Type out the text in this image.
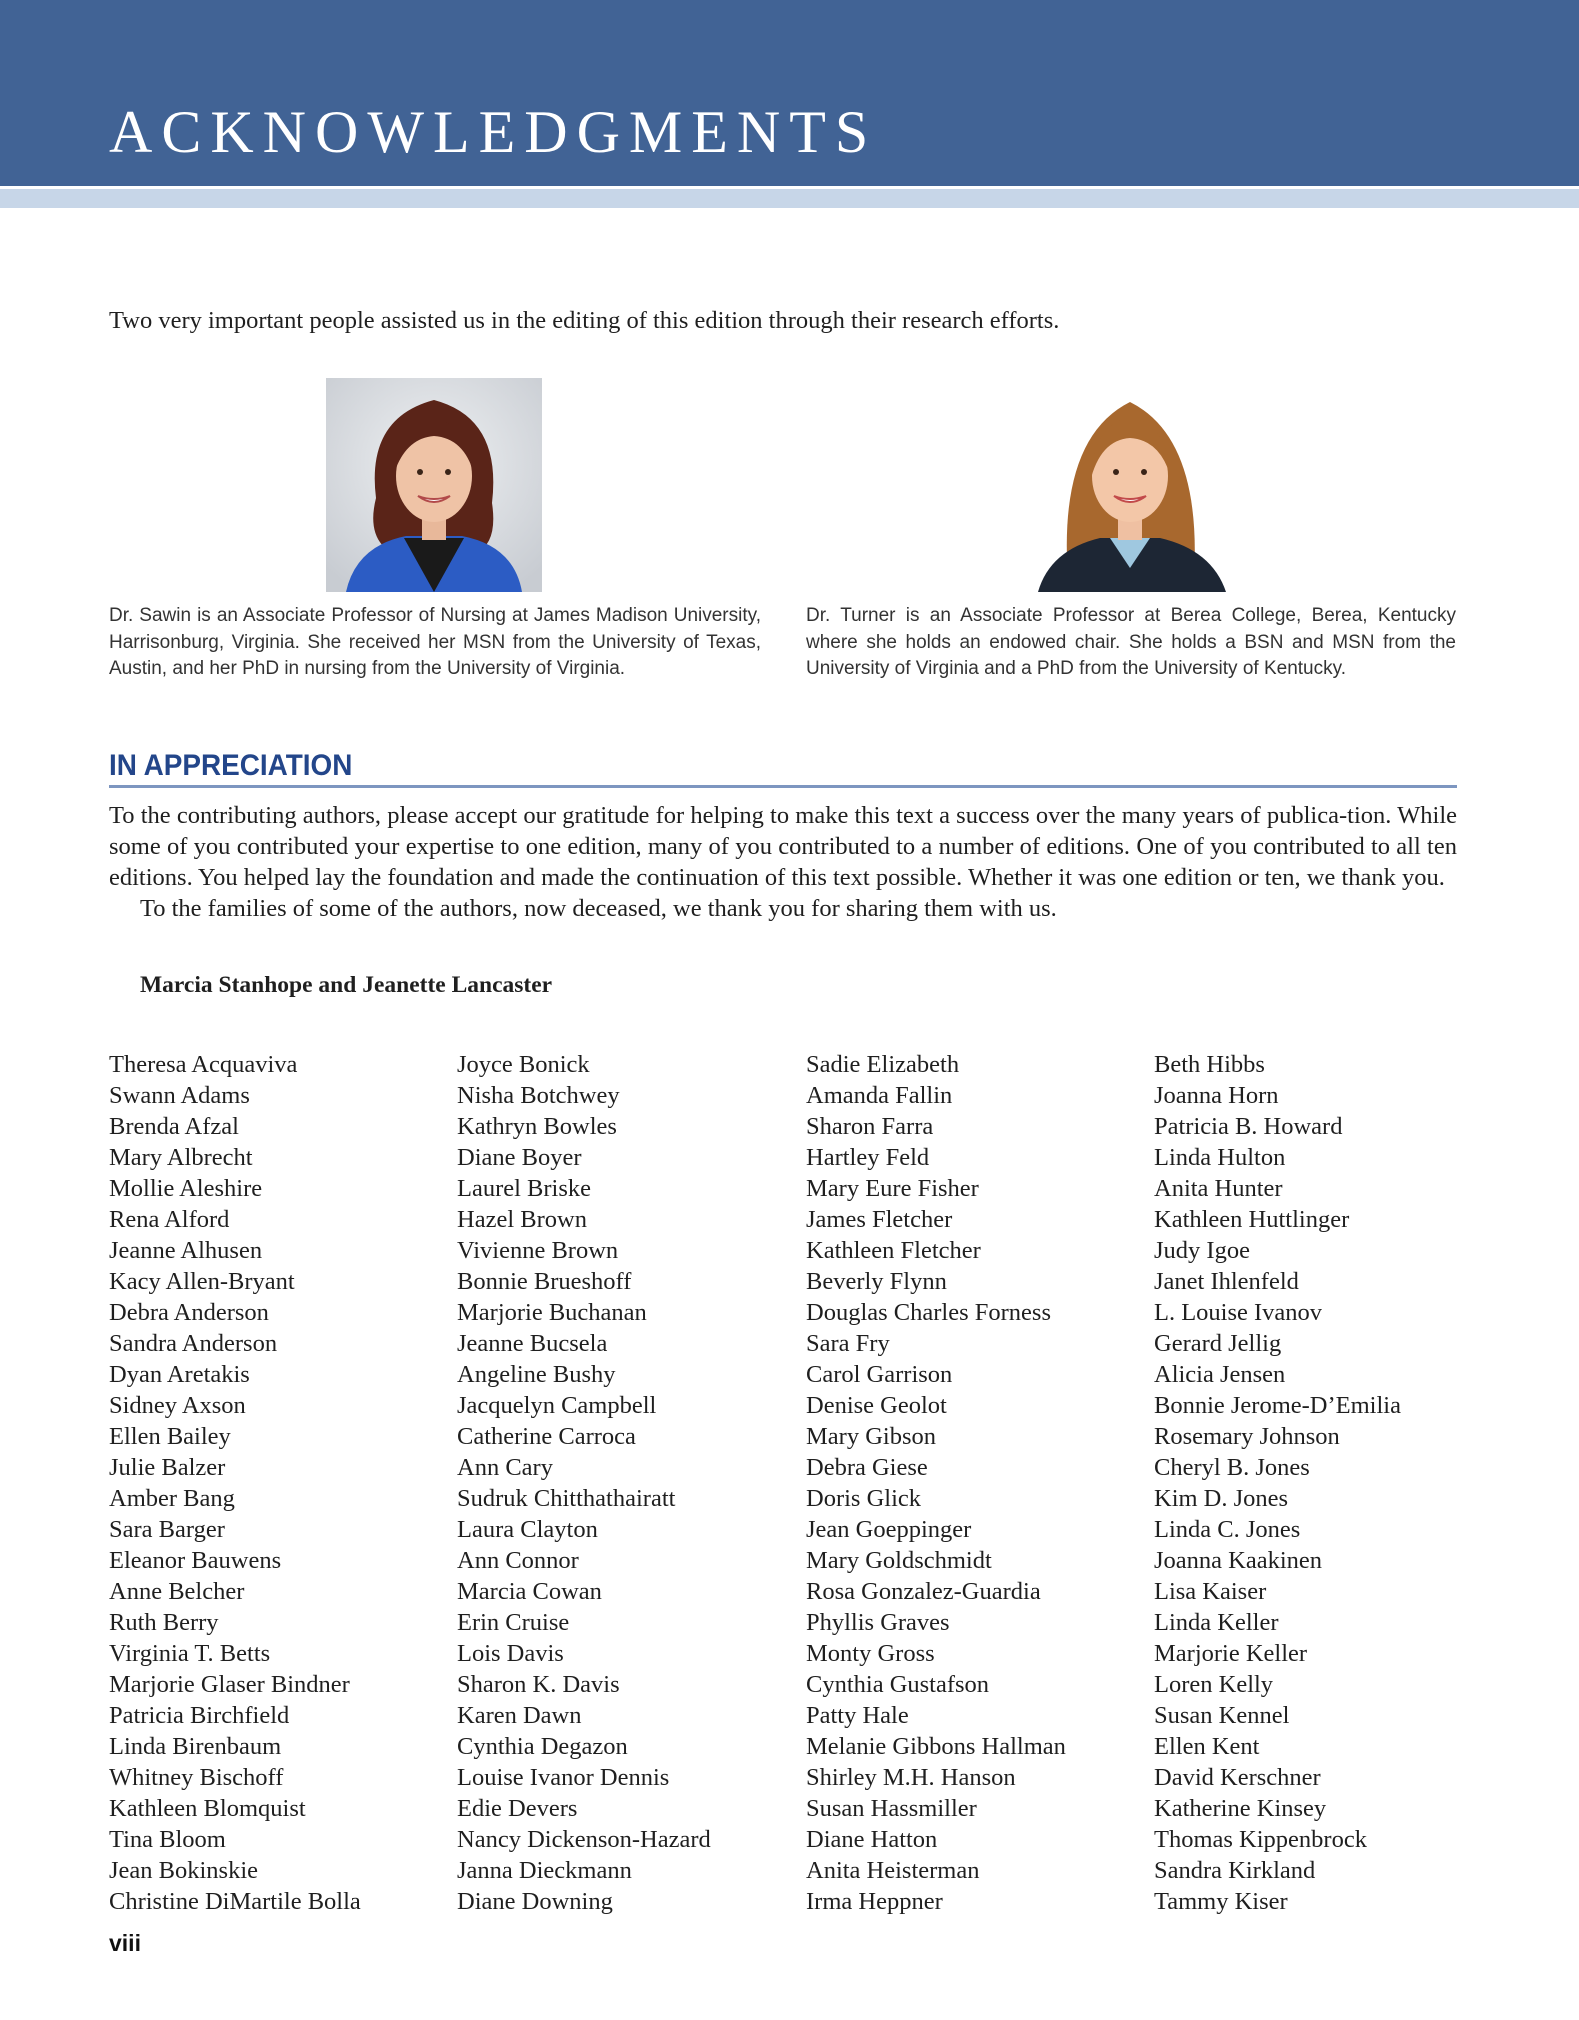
ACKNOWLEDGMENTS

Two very important people assisted us in the editing of this edition through their research efforts.

Dr. Sawin is an Associate Professor of Nursing at James Madison University, Harrisonburg, Virginia. She received her MSN from the University of Texas, Austin, and her PhD in nursing from the University of Virginia.

Dr. Turner is an Associate Professor at Berea College, Berea, Kentucky where she holds an endowed chair. She holds a BSN and MSN from the University of Virginia and a PhD from the University of Kentucky.

IN APPRECIATION

To the contributing authors, please accept our gratitude for helping to make this text a success over the many years of publica-tion. While some of you contributed your expertise to one edition, many of you contributed to a number of editions. One of you contributed to all ten editions. You helped lay the foundation and made the continuation of this text possible. Whether it was one edition or ten, we thank you.

To the families of some of the authors, now deceased, we thank you for sharing them with us.

Marcia Stanhope and Jeanette Lancaster

Theresa Acquaviva
Swann Adams
Brenda Afzal
Mary Albrecht
Mollie Aleshire
Rena Alford
Jeanne Alhusen
Kacy Allen-Bryant
Debra Anderson
Sandra Anderson
Dyan Aretakis
Sidney Axson
Ellen Bailey
Julie Balzer
Amber Bang
Sara Barger
Eleanor Bauwens
Anne Belcher
Ruth Berry
Virginia T. Betts
Marjorie Glaser Bindner
Patricia Birchfield
Linda Birenbaum
Whitney Bischoff
Kathleen Blomquist
Tina Bloom
Jean Bokinskie
Christine DiMartile Bolla
Joyce Bonick
Nisha Botchwey
Kathryn Bowles
Diane Boyer
Laurel Briske
Hazel Brown
Vivienne Brown
Bonnie Brueshoff
Marjorie Buchanan
Jeanne Bucsela
Angeline Bushy
Jacquelyn Campbell
Catherine Carroca
Ann Cary
Sudruk Chitthathairatt
Laura Clayton
Ann Connor
Marcia Cowan
Erin Cruise
Lois Davis
Sharon K. Davis
Karen Dawn
Cynthia Degazon
Louise Ivanor Dennis
Edie Devers
Nancy Dickenson-Hazard
Janna Dieckmann
Diane Downing
Sadie Elizabeth
Amanda Fallin
Sharon Farra
Hartley Feld
Mary Eure Fisher
James Fletcher
Kathleen Fletcher
Beverly Flynn
Douglas Charles Forness
Sara Fry
Carol Garrison
Denise Geolot
Mary Gibson
Debra Giese
Doris Glick
Jean Goeppinger
Mary Goldschmidt
Rosa Gonzalez-Guardia
Phyllis Graves
Monty Gross
Cynthia Gustafson
Patty Hale
Melanie Gibbons Hallman
Shirley M.H. Hanson
Susan Hassmiller
Diane Hatton
Anita Heisterman
Irma Heppner
Beth Hibbs
Joanna Horn
Patricia B. Howard
Linda Hulton
Anita Hunter
Kathleen Huttlinger
Judy Igoe
Janet Ihlenfeld
L. Louise Ivanov
Gerard Jellig
Alicia Jensen
Bonnie Jerome-D’Emilia
Rosemary Johnson
Cheryl B. Jones
Kim D. Jones
Linda C. Jones
Joanna Kaakinen
Lisa Kaiser
Linda Keller
Marjorie Keller
Loren Kelly
Susan Kennel
Ellen Kent
David Kerschner
Katherine Kinsey
Thomas Kippenbrock
Sandra Kirkland
Tammy Kiser

viii
